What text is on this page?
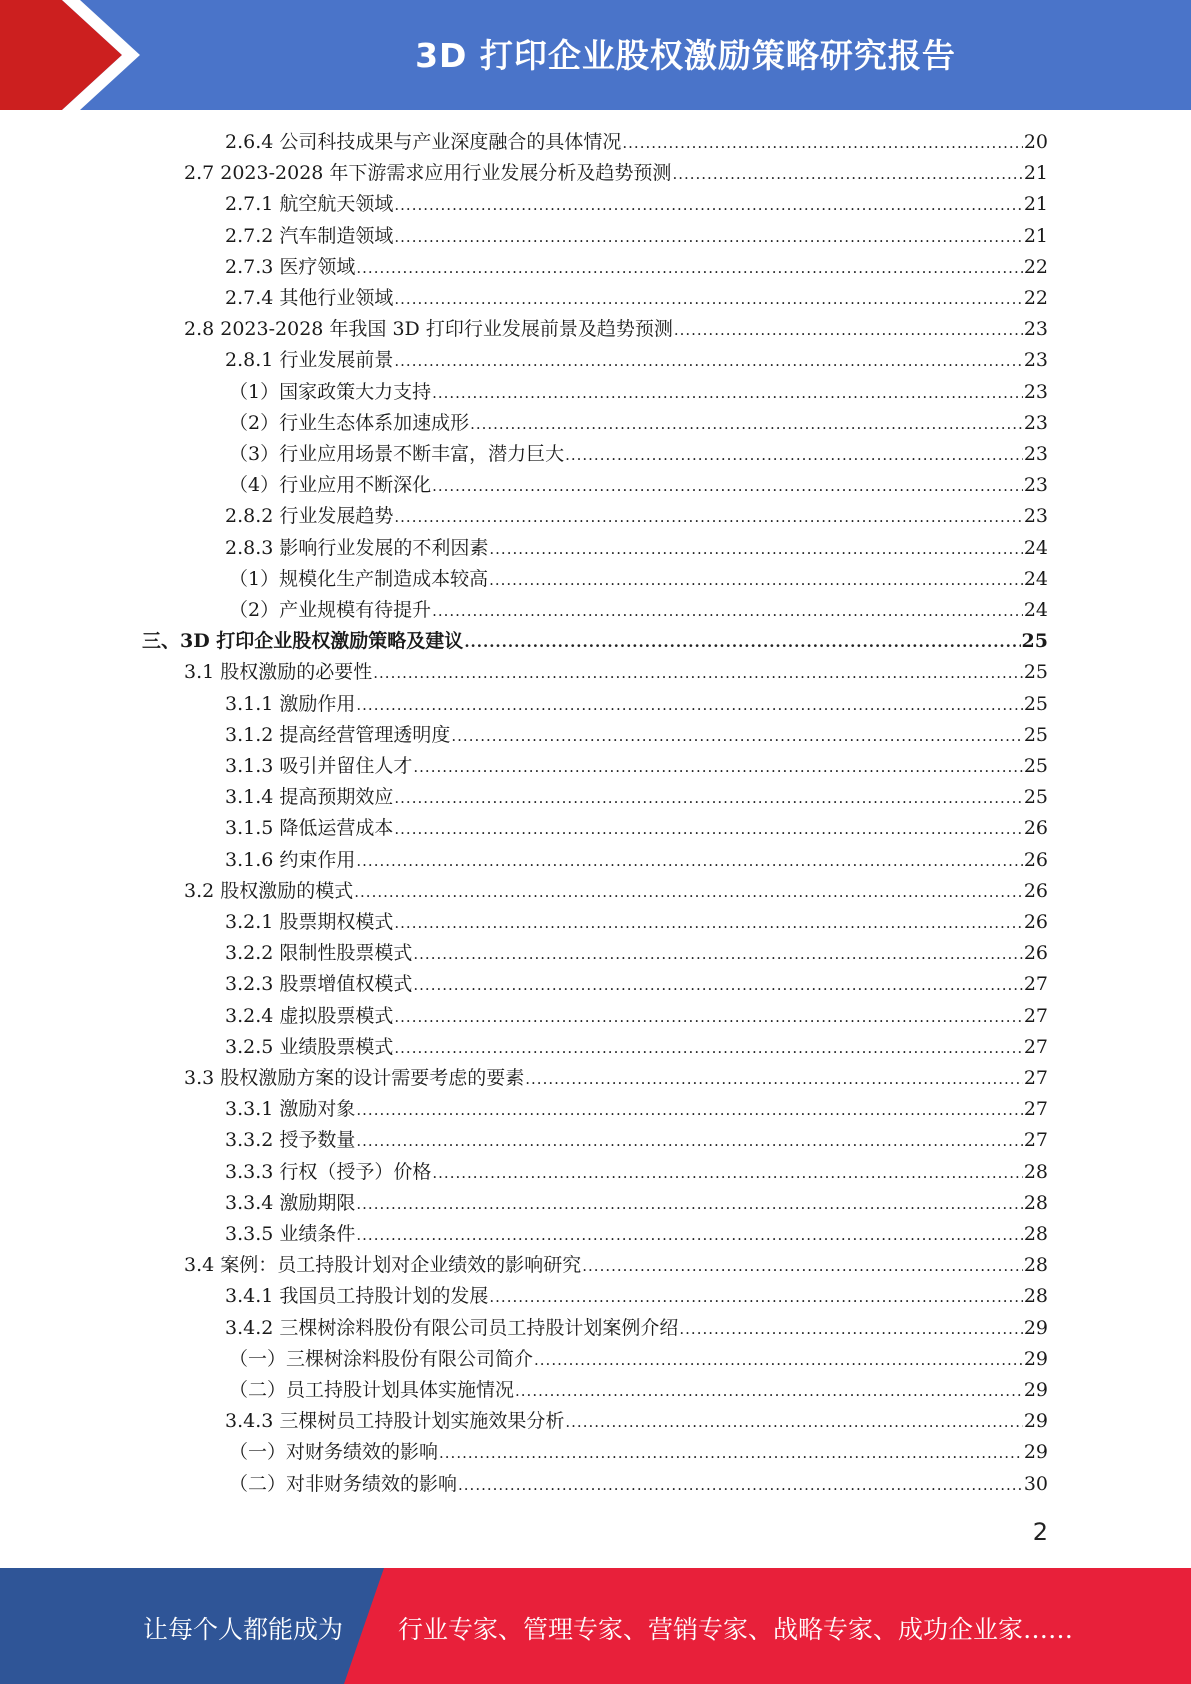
3D 打印企业股权激励策略研究报告
2.6.4 公司科技成果与产业深度融合的具体情况 .....	20
2.7 2023-2028 年下游需求应用行业发展分析及趋势预测 .....	21
2.7.1 航空航天领域 .....	21
2.7.2 汽车制造领域 .....	21
2.7.3 医疗领域 .....	22
2.7.4 其他行业领域 .....	22
2.8 2023-2028 年我国 3D 打印行业发展前景及趋势预测 .....	23
2.8.1 行业发展前景 .....	23
（1）国家政策大力支持 .....	23
（2）行业生态体系加速成形 .....	23
（3）行业应用场景不断丰富，潜力巨大 .....	23
（4）行业应用不断深化 .....	23
2.8.2 行业发展趋势 .....	23
2.8.3 影响行业发展的不利因素 .....	24
（1）规模化生产制造成本较高 .....	24
（2）产业规模有待提升 .....	24
三、3D 打印企业股权激励策略及建议 .....	25
3.1 股权激励的必要性 .....	25
3.1.1 激励作用 .....	25
3.1.2 提高经营管理透明度 .....	25
3.1.3 吸引并留住人才 .....	25
3.1.4 提高预期效应 .....	25
3.1.5 降低运营成本 .....	26
3.1.6 约束作用 .....	26
3.2 股权激励的模式 .....	26
3.2.1 股票期权模式 .....	26
3.2.2 限制性股票模式 .....	26
3.2.3 股票增值权模式 .....	27
3.2.4 虚拟股票模式 .....	27
3.2.5 业绩股票模式 .....	27
3.3 股权激励方案的设计需要考虑的要素 .....	27
3.3.1 激励对象 .....	27
3.3.2 授予数量 .....	27
3.3.3 行权（授予）价格 .....	28
3.3.4 激励期限 .....	28
3.3.5 业绩条件 .....	28
3.4 案例：员工持股计划对企业绩效的影响研究 .....	28
3.4.1 我国员工持股计划的发展 .....	28
3.4.2 三棵树涂料股份有限公司员工持股计划案例介绍 .....	29
（一）三棵树涂料股份有限公司简介 .....	29
（二）员工持股计划具体实施情况 .....	29
3.4.3 三棵树员工持股计划实施效果分析 .....	29
（一）对财务绩效的影响 .....	29
（二）对非财务绩效的影响 .....	30
2
让每个人都能成为 行业专家、管理专家、营销专家、战略专家、成功企业家……
